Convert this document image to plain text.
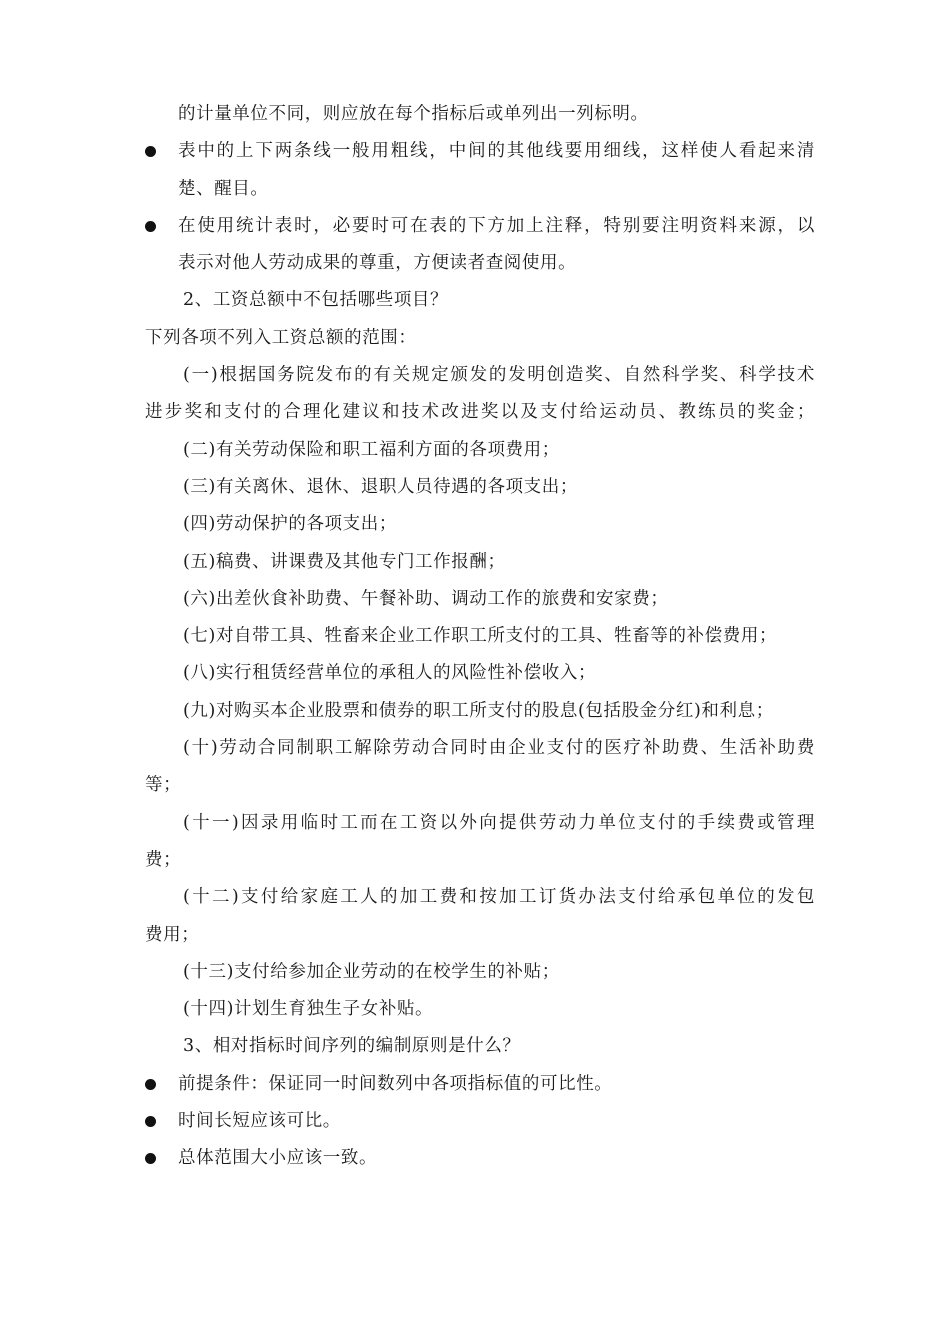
的计量单位不同，则应放在每个指标后或单列出一列标明。
表中的上下两条线一般用粗线，中间的其他线要用细线，这样使人看起来清
楚、醒目。
在使用统计表时，必要时可在表的下方加上注释，特别要注明资料来源，以
表示对他人劳动成果的尊重，方便读者查阅使用。
2、工资总额中不包括哪些项目？
下列各项不列入工资总额的范围：
(一)根据国务院发布的有关规定颁发的发明创造奖、自然科学奖、科学技术
进步奖和支付的合理化建议和技术改进奖以及支付给运动员、教练员的奖金；
(二)有关劳动保险和职工福利方面的各项费用；
(三)有关离休、退休、退职人员待遇的各项支出；
(四)劳动保护的各项支出；
(五)稿费、讲课费及其他专门工作报酬；
(六)出差伙食补助费、午餐补助、调动工作的旅费和安家费；
(七)对自带工具、牲畜来企业工作职工所支付的工具、牲畜等的补偿费用；
(八)实行租赁经营单位的承租人的风险性补偿收入；
(九)对购买本企业股票和债券的职工所支付的股息(包括股金分红)和利息；
(十)劳动合同制职工解除劳动合同时由企业支付的医疗补助费、生活补助费
等；
(十一)因录用临时工而在工资以外向提供劳动力单位支付的手续费或管理
费；
(十二)支付给家庭工人的加工费和按加工订货办法支付给承包单位的发包
费用；
(十三)支付给参加企业劳动的在校学生的补贴；
(十四)计划生育独生子女补贴。
3、相对指标时间序列的编制原则是什么？
前提条件：保证同一时间数列中各项指标值的可比性。
时间长短应该可比。
总体范围大小应该一致。
